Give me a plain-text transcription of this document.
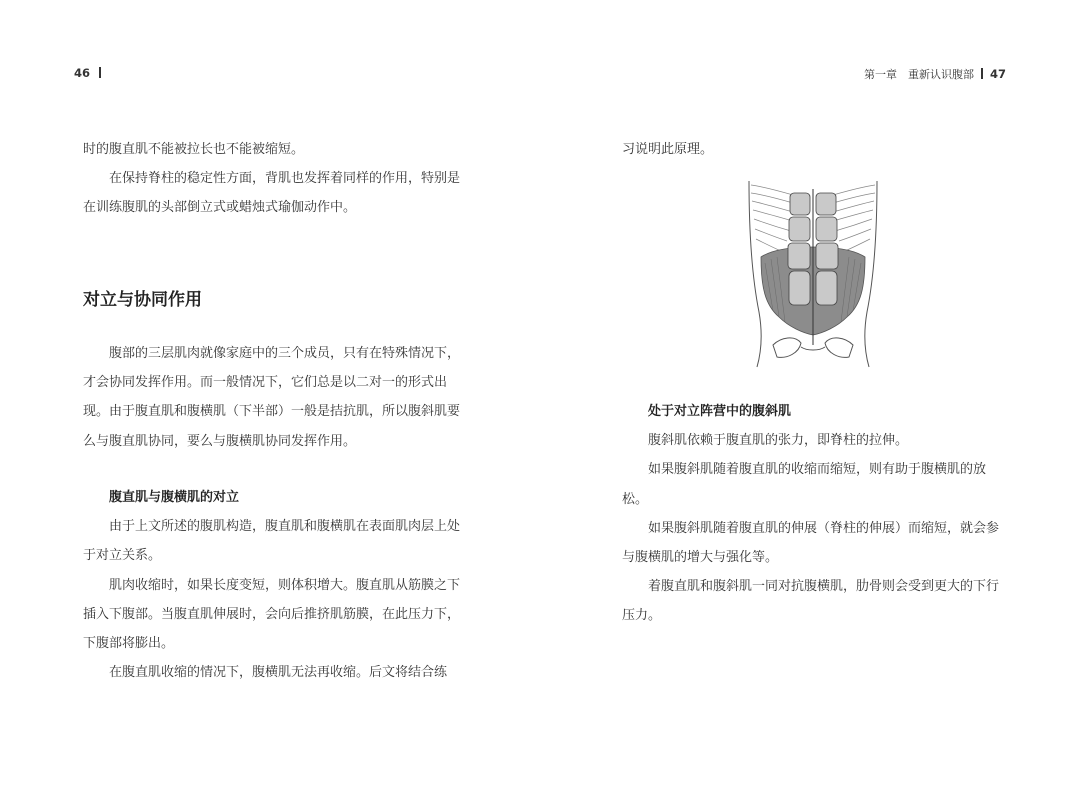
46

时的腹直肌不能被拉长也不能被缩短。

在保持脊柱的稳定性方面，背肌也发挥着同样的作用，特别是在训练腹肌的头部倒立式或蜡烛式瑜伽动作中。

对立与协同作用

腹部的三层肌肉就像家庭中的三个成员，只有在特殊情况下，才会协同发挥作用。而一般情况下，它们总是以二对一的形式出现。由于腹直肌和腹横肌（下半部）一般是拮抗肌，所以腹斜肌要么与腹直肌协同，要么与腹横肌协同发挥作用。

腹直肌与腹横肌的对立

由于上文所述的腹肌构造，腹直肌和腹横肌在表面肌肉层上处于对立关系。

肌肉收缩时，如果长度变短，则体积增大。腹直肌从筋膜之下插入下腹部。当腹直肌伸展时，会向后推挤肌筋膜，在此压力下，下腹部将膨出。

在腹直肌收缩的情况下，腹横肌无法再收缩。后文将结合练

第一章　重新认识腹部 47

习说明此原理。

处于对立阵营中的腹斜肌

腹斜肌依赖于腹直肌的张力，即脊柱的拉伸。

如果腹斜肌随着腹直肌的收缩而缩短，则有助于腹横肌的放松。

如果腹斜肌随着腹直肌的伸展（脊柱的伸展）而缩短，就会参与腹横肌的增大与强化等。

着腹直肌和腹斜肌一同对抗腹横肌，肋骨则会受到更大的下行压力。
